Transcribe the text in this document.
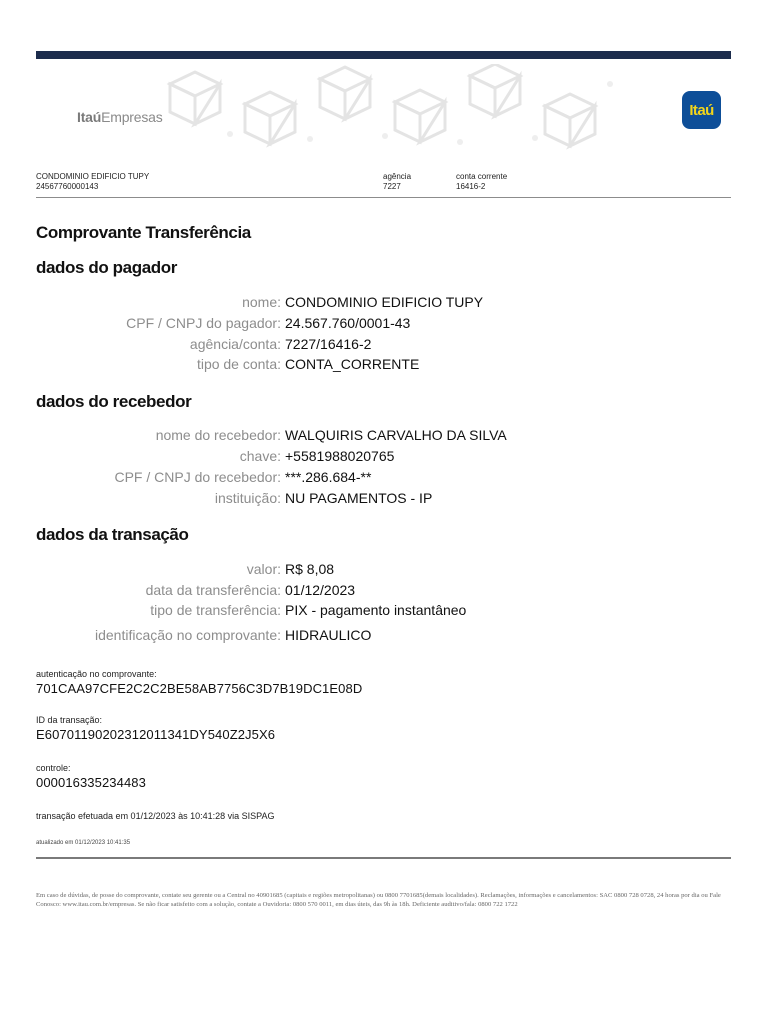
ItaúEmpresas	Itaú
CONDOMINIO EDIFICIO TUPY
24567760000143
agência
7227
conta corrente
16416-2
Comprovante Transferência
dados do pagador
nome: CONDOMINIO EDIFICIO TUPY
CPF / CNPJ do pagador: 24.567.760/0001-43
agência/conta: 7227/16416-2
tipo de conta: CONTA_CORRENTE
dados do recebedor
nome do recebedor: WALQUIRIS CARVALHO DA SILVA
chave: +5581988020765
CPF / CNPJ do recebedor: ***.286.684-**
instituição: NU PAGAMENTOS - IP
dados da transação
valor: R$ 8,08
data da transferência: 01/12/2023
tipo de transferência: PIX - pagamento instantâneo
identificação no comprovante: HIDRAULICO
autenticação no comprovante:
701CAA97CFE2C2C2BE58AB7756C3D7B19DC1E08D
ID da transação:
E60701190202312011341DY540Z2J5X6
controle:
000016335234483
transação efetuada em 01/12/2023 às 10:41:28 via SISPAG
atualizado em 01/12/2023 10:41:35
Em caso de dúvidas, de posse do comprovante, contate seu gerente ou a Central no 40901685 (capitais e regiões metropolitanas) ou 0800 7701685(demais localidades). Reclamações, informações e cancelamentos: SAC 0800 728 0728, 24 horas por dia ou Fale Conosco: www.itau.com.br/empresas. Se não ficar satisfeito com a solução, contate a Ouvidoria: 0800 570 0011, em dias úteis, das 9h às 18h. Deficiente auditivo/fala: 0800 722 1722
